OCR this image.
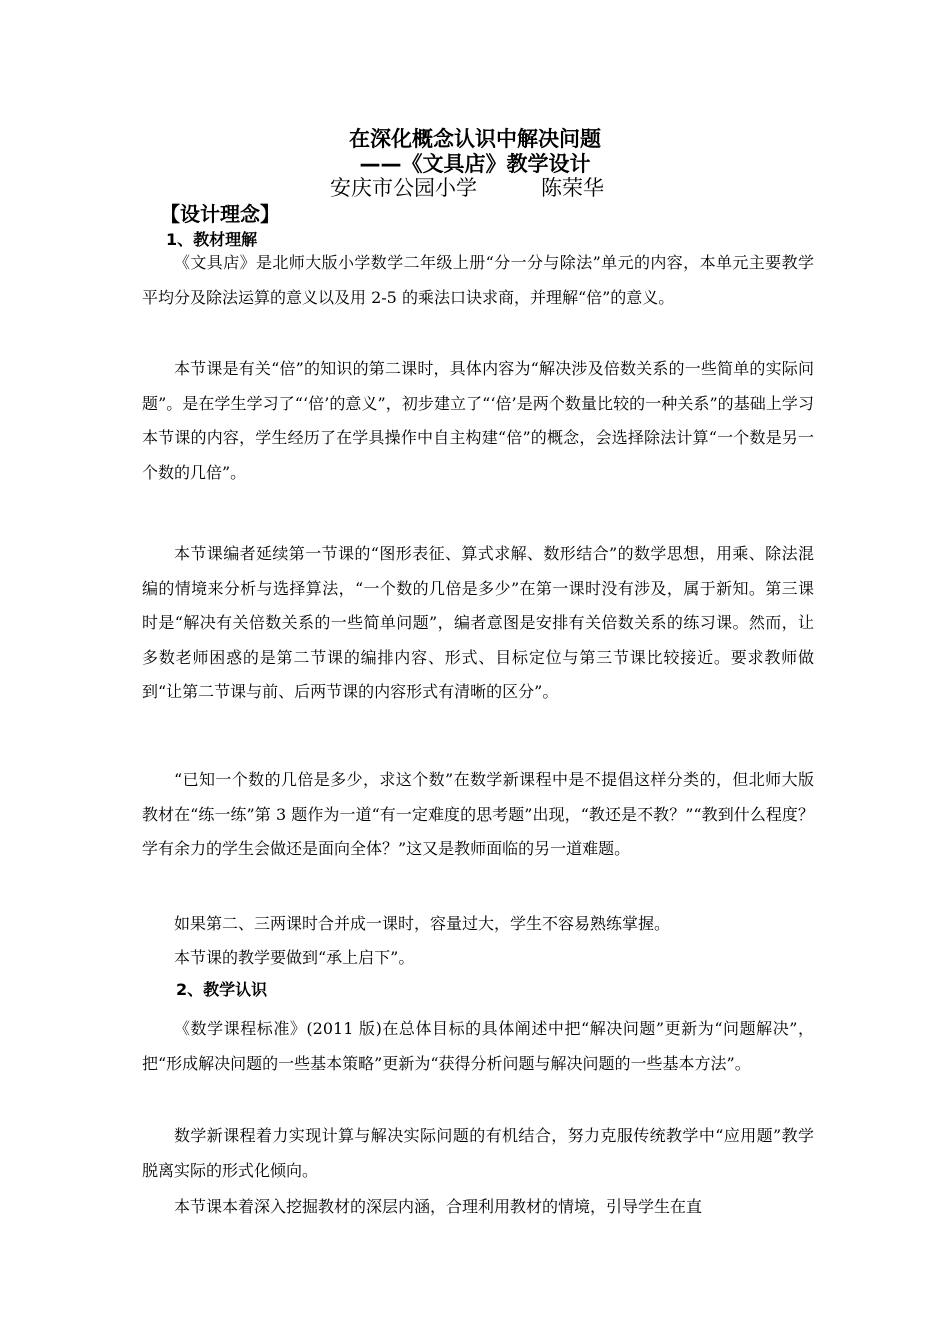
在深化概念认识中解决问题
——《文具店》教学设计
安庆市公园小学	陈荣华
【设计理念】
1、教材理解

《文具店》是北师大版小学数学二年级上册“分一分与除法”单元的内容，本单元主要教学平均分及除法运算的意义以及用 2-5 的乘法口诀求商，并理解“倍”的意义。

本节课是有关“倍”的知识的第二课时，具体内容为“解决涉及倍数关系的一些简单的实际问题”。是在学生学习了“‘倍’的意义”，初步建立了“‘倍’是两个数量比较的一种关系”的基础上学习本节课的内容，学生经历了在学具操作中自主构建“倍”的概念，会选择除法计算“一个数是另一个数的几倍”。

本节课编者延续第一节课的“图形表征、算式求解、数形结合”的数学思想，用乘、除法混编的情境来分析与选择算法，“一个数的几倍是多少”在第一课时没有涉及，属于新知。第三课时是“解决有关倍数关系的一些简单问题”，编者意图是安排有关倍数关系的练习课。然而，让多数老师困惑的是第二节课的编排内容、形式、目标定位与第三节课比较接近。要求教师做到“让第二节课与前、后两节课的内容形式有清晰的区分”。

“已知一个数的几倍是多少，求这个数”在数学新课程中是不提倡这样分类的，但北师大版教材在“练一练”第 3 题作为一道“有一定难度的思考题”出现，“教还是不教？”“教到什么程度？学有余力的学生会做还是面向全体？”这又是教师面临的另一道难题。

如果第二、三两课时合并成一课时，容量过大，学生不容易熟练掌握。

本节课的教学要做到“承上启下”。

2、教学认识

《数学课程标准》(2011 版)在总体目标的具体阐述中把“解决问题”更新为“问题解决”，把“形成解决问题的一些基本策略”更新为“获得分析问题与解决问题的一些基本方法”。

数学新课程着力实现计算与解决实际问题的有机结合，努力克服传统教学中“应用题”教学脱离实际的形式化倾向。

本节课本着深入挖掘教材的深层内涵，合理利用教材的情境，引导学生在直
